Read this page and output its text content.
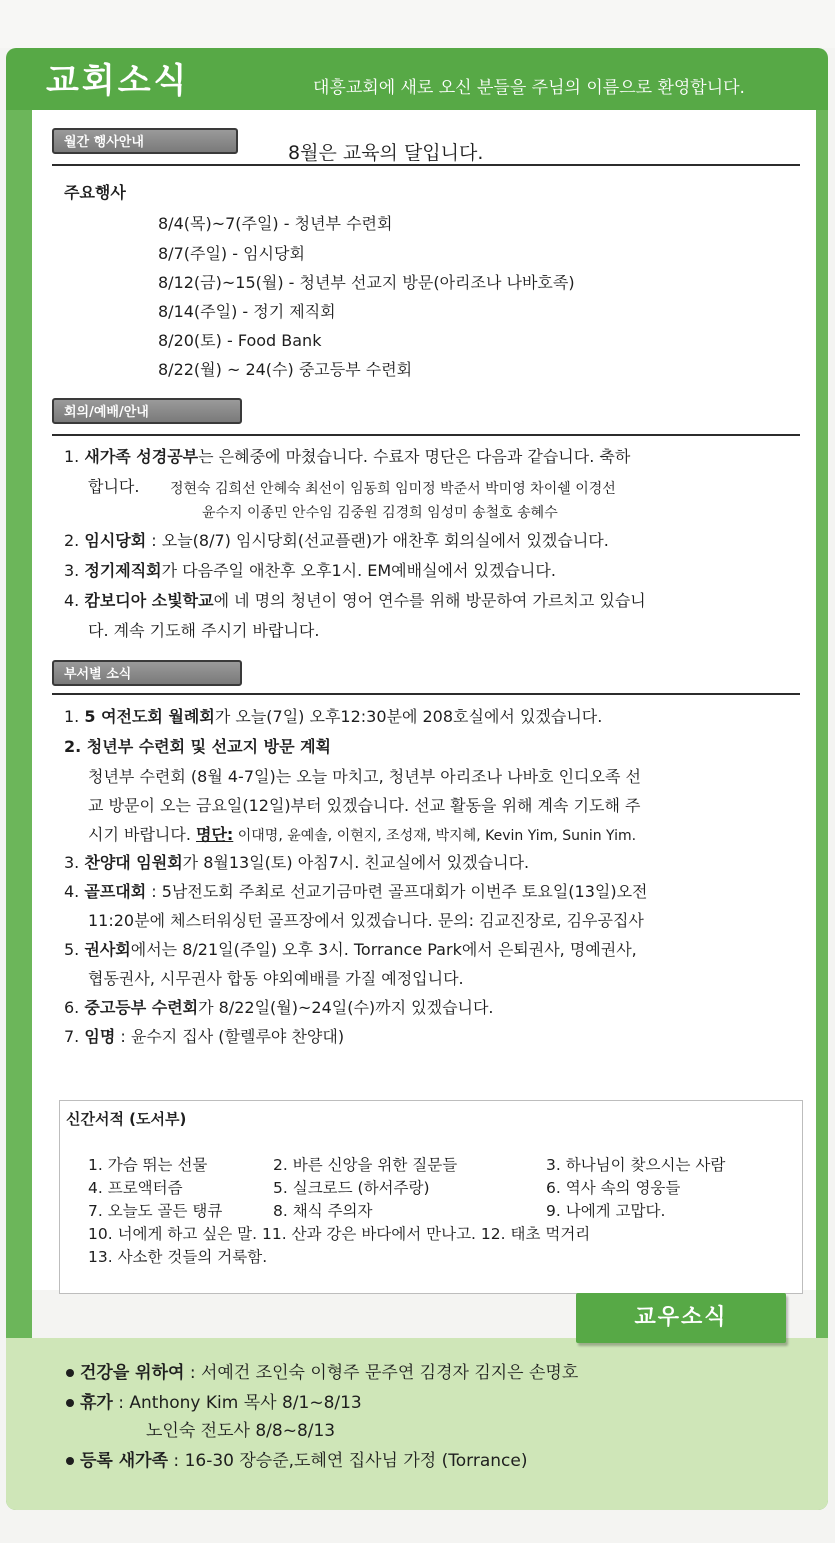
교회소식	대흥교회에 새로 오신 분들을 주님의 이름으로 환영합니다.
월간 행사안내	8월은 교육의 달입니다.
주요행사
8/4(목)~7(주일) - 청년부 수련회
8/7(주일) - 임시당회
8/12(금)~15(월) - 청년부 선교지 방문(아리조나 나바호족)
8/14(주일) - 정기 제직회
8/20(토) - Food Bank
8/22(월) ~ 24(수) 중고등부 수련회
회의/예배/안내
1. 새가족 성경공부는 은혜중에 마쳤습니다. 수료자 명단은 다음과 같습니다. 축하
합니다. 정현숙 김희선 안혜숙 최선이 임동희 임미정 박준서 박미영 차이쉘 이경선
윤수지 이종민 안수임 김중원 김경희 임성미 송철호 송혜수
2. 임시당회 : 오늘(8/7) 임시당회(선교플랜)가 애찬후 회의실에서 있겠습니다.
3. 정기제직회가 다음주일 애찬후 오후1시. EM예배실에서 있겠습니다.
4. 캄보디아 소빛학교에 네 명의 청년이 영어 연수를 위해 방문하여 가르치고 있습니
다. 계속 기도해 주시기 바랍니다.
부서별 소식
1. 5 여전도회 월례회가 오늘(7일) 오후12:30분에 208호실에서 있겠습니다.
2. 청년부 수련회 및 선교지 방문 계획
청년부 수련회 (8월 4-7일)는 오늘 마치고, 청년부 아리조나 나바호 인디오족 선
교 방문이 오는 금요일(12일)부터 있겠습니다. 선교 활동을 위해 계속 기도해 주
시기 바랍니다. 명단: 이대명, 윤예솔, 이현지, 조성재, 박지혜, Kevin Yim, Sunin Yim.
3. 찬양대 임원회가 8월13일(토) 아침7시. 친교실에서 있겠습니다.
4. 골프대회 : 5남전도회 주최로 선교기금마련 골프대회가 이번주 토요일(13일)오전
11:20분에 체스터워싱턴 골프장에서 있겠습니다. 문의: 김교진장로, 김우공집사
5. 권사회에서는 8/21일(주일) 오후 3시. Torrance Park에서 은퇴권사, 명예권사,
협동권사, 시무권사 합동 야외예배를 가질 예정입니다.
6. 중고등부 수련회가 8/22일(월)~24일(수)까지 있겠습니다.
7. 임명 : 윤수지 집사 (할렐루야 찬양대)
신간서적 (도서부)
1. 가슴 뛰는 선물	2. 바른 신앙을 위한 질문들	3. 하나님이 찾으시는 사람
4. 프로액터즘	5. 실크로드 (하서주랑)	6. 역사 속의 영웅들
7. 오늘도 골든 탱큐	8. 채식 주의자	9. 나에게 고맙다.
10. 너에게 하고 싶은 말. 11. 산과 강은 바다에서 만나고. 12. 태초 먹거리
13. 사소한 것들의 거룩함.
교우소식
건강을 위하여 : 서예건 조인숙 이형주 문주연 김경자 김지은 손명호
휴가 : Anthony Kim 목사 8/1~8/13
노인숙 전도사 8/8~8/13
등록 새가족 : 16-30 장승준,도혜연 집사님 가정 (Torrance)
